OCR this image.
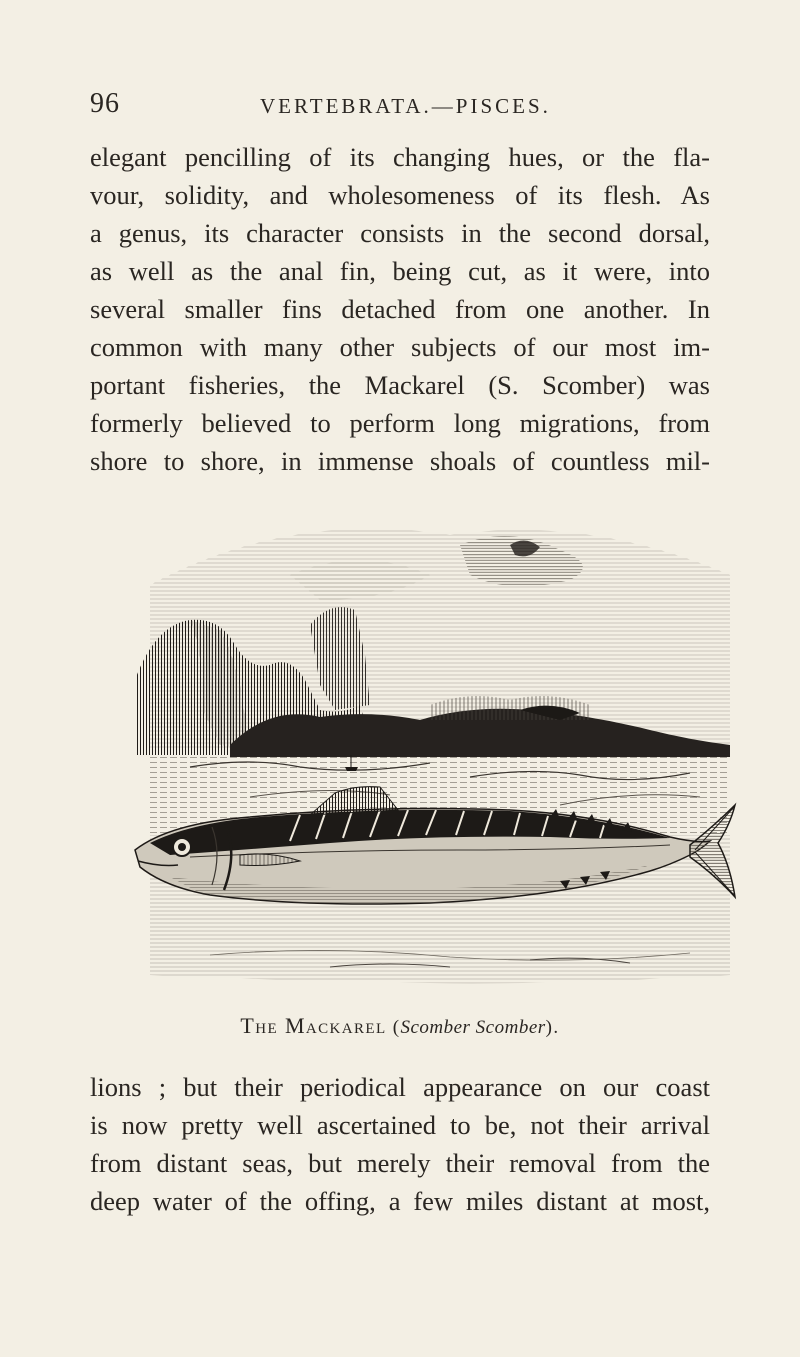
96	VERTEBRATA.—PISCES.
elegant pencilling of its changing hues, or the fla-
vour, solidity, and wholesomeness of its flesh. As
a genus, its character consists in the second dorsal,
as well as the anal fin, being cut, as it were, into
several smaller fins detached from one another. In
common with many other subjects of our most im-
portant fisheries, the Mackarel (S. Scomber) was
formerly believed to perform long migrations, from
shore to shore, in immense shoals of countless mil-
The Mackarel (Scomber Scomber).
lions ; but their periodical appearance on our coast
is now pretty well ascertained to be, not their arrival
from distant seas, but merely their removal from the
deep water of the offing, a few miles distant at most,
